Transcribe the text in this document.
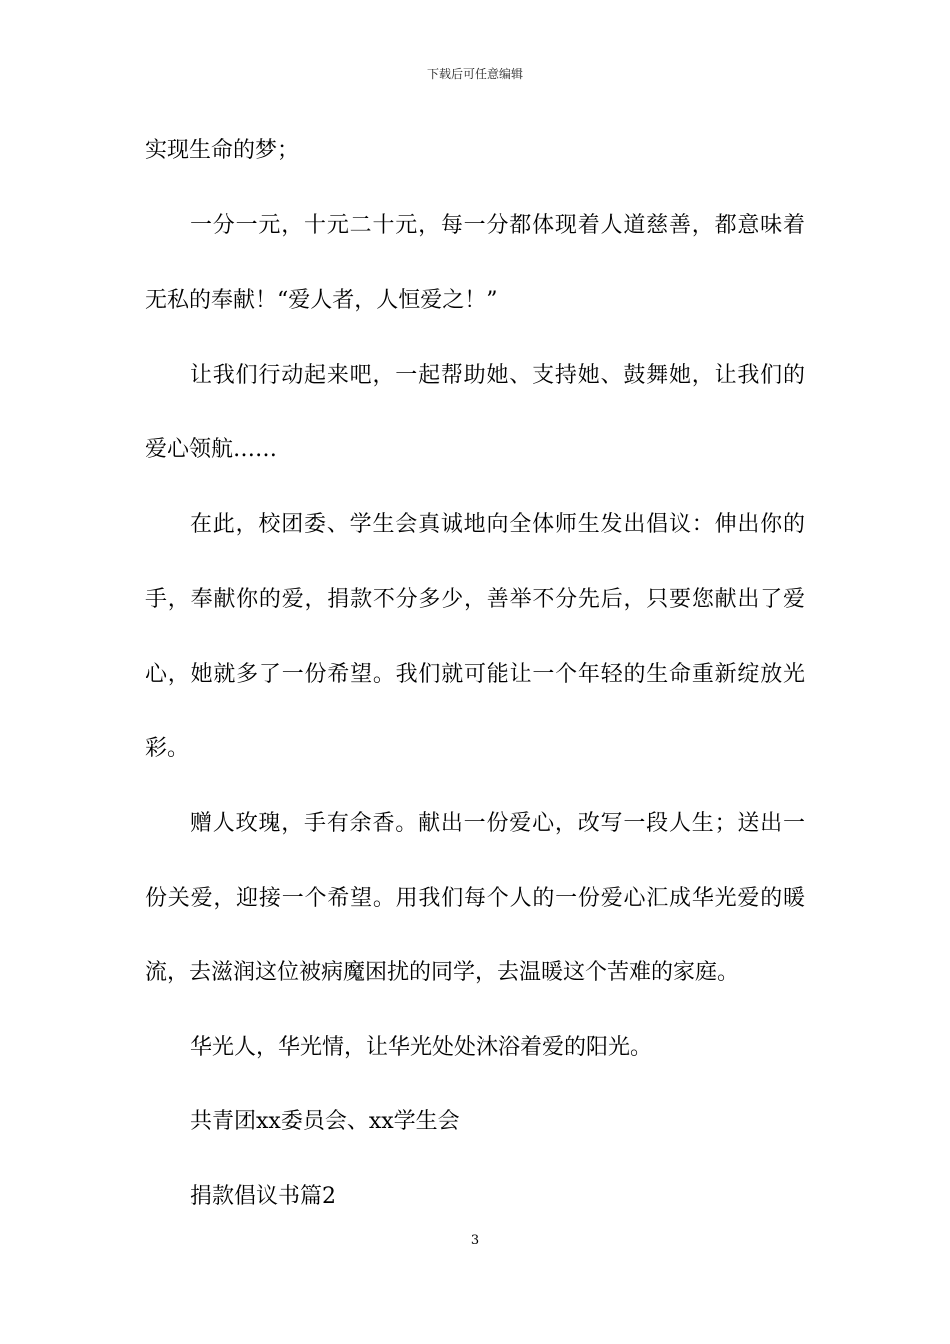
下载后可任意编辑
实现生命的梦；
一分一元，十元二十元，每一分都体现着人道慈善，都意味着
无私的奉献！“爱人者，人恒爱之！”
让我们行动起来吧，一起帮助她、支持她、鼓舞她，让我们的
爱心领航……
在此，校团委、学生会真诚地向全体师生发出倡议：伸出你的
手，奉献你的爱，捐款不分多少，善举不分先后，只要您献出了爱
心，她就多了一份希望。我们就可能让一个年轻的生命重新绽放光
彩。
赠人玫瑰，手有余香。献出一份爱心，改写一段人生；送出一
份关爱，迎接一个希望。用我们每个人的一份爱心汇成华光爱的暖
流，去滋润这位被病魔困扰的同学，去温暖这个苦难的家庭。
华光人，华光情，让华光处处沐浴着爱的阳光。
共青团xx委员会、xx学生会
捐款倡议书篇2
3
